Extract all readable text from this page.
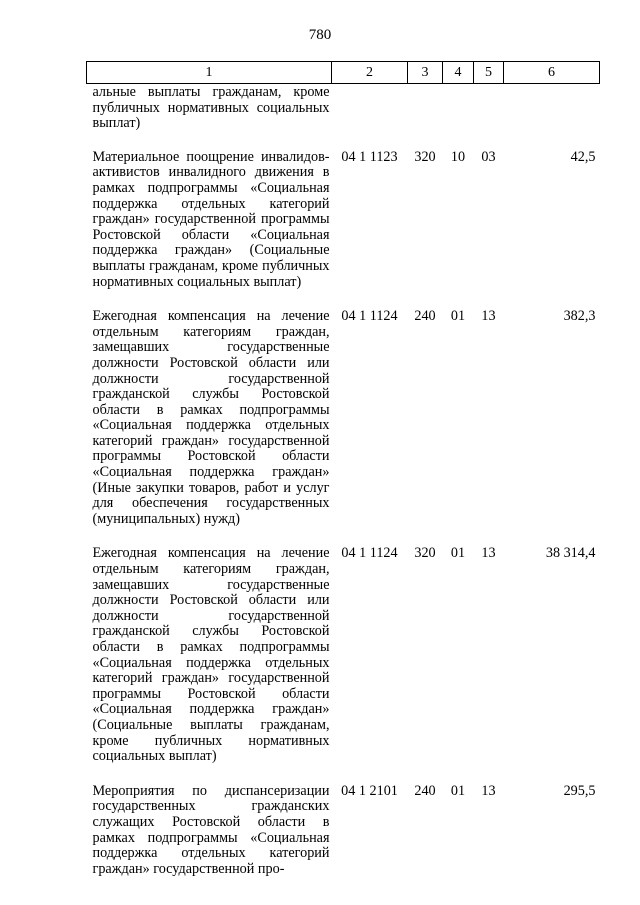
780
1	2	3	4	5	6
альные выплаты гражданам, кроме публичных нормативных социальных выплат)					
Материальное поощрение инвалидов-активистов инвалидного движения в рамках подпрограммы «Социальная поддержка отдельных категорий граждан» государственной программы Ростовской области «Социальная поддержка граждан» (Социальные выплаты гражданам, кроме публичных нормативных социальных выплат)	04 1 1123	320	10	03	42,5
Ежегодная компенсация на лечение отдельным категориям граждан, замещавших государственные должности Ростовской области или должности государственной гражданской службы Ростовской области в рамках подпрограммы «Социальная поддержка отдельных категорий граждан» государственной программы Ростовской области «Социальная поддержка граждан» (Иные закупки товаров, работ и услуг для обеспечения государственных (муниципальных) нужд)	04 1 1124	240	01	13	382,3
Ежегодная компенсация на лечение отдельным категориям граждан, замещавших государственные должности Ростовской области или должности государственной гражданской службы Ростовской области в рамках подпрограммы «Социальная поддержка отдельных категорий граждан» государственной программы Ростовской области «Социальная поддержка граждан» (Социальные выплаты гражданам, кроме публичных нормативных социальных выплат)	04 1 1124	320	01	13	38 314,4
Мероприятия по диспансеризации государственных гражданских служащих Ростовской области в рамках подпрограммы «Социальная поддержка отдельных категорий граждан» государственной про-	04 1 2101	240	01	13	295,5
